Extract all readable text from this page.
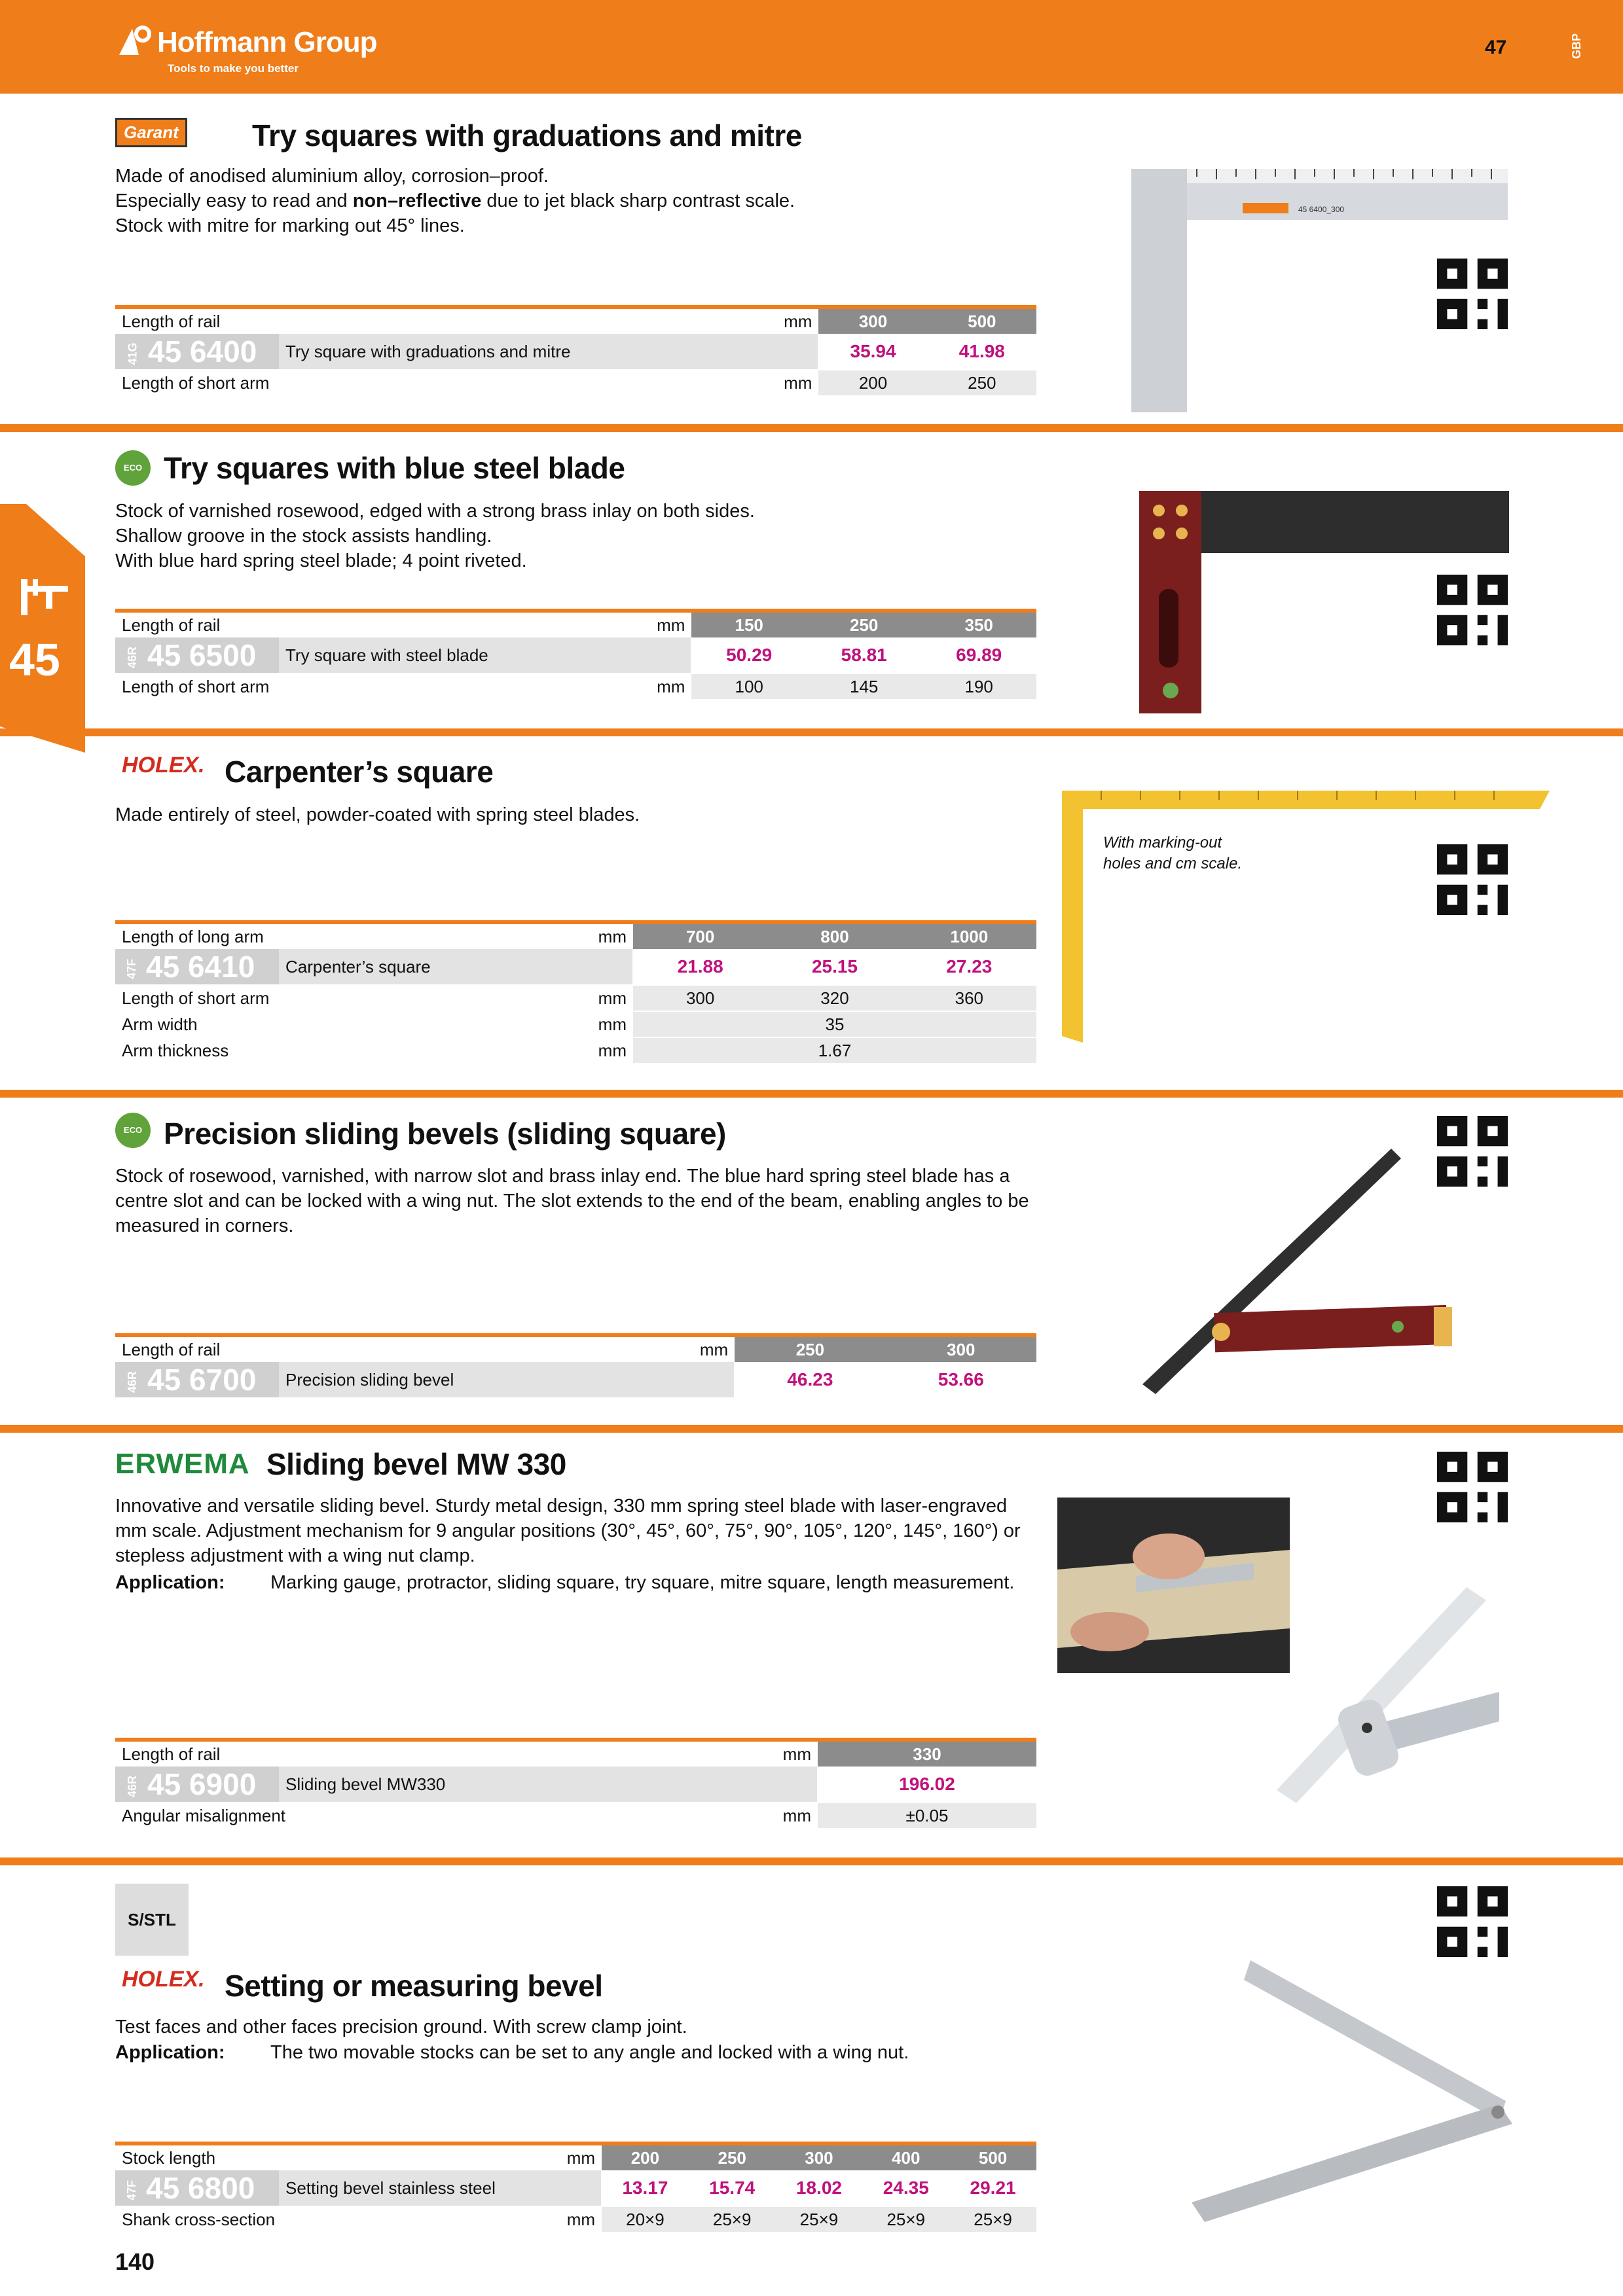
Hoffmann Group
Tools to make you better
47	GBP
45
Garant Try squares with graduations and mitre
Made of anodised aluminium alloy, corrosion–proof.
Especially easy to read and non–reflective due to jet black sharp contrast scale.
Stock with mitre for marking out 45° lines.
45 6400_300
Length of rail		mm	300	500
41G 45 6400	Try square with graduations and mitre		35.94	41.98
Length of short arm		mm	200	250
ECO Try squares with blue steel blade
Stock of varnished rosewood, edged with a strong brass inlay on both sides.
Shallow groove in the stock assists handling.
With blue hard spring steel blade; 4 point riveted.
Length of rail		mm	150	250	350
46R 45 6500	Try square with steel blade		50.29	58.81	69.89
Length of short arm		mm	100	145	190
HOLEX. Carpenter’s square
Made entirely of steel, powder-coated with spring steel blades.
With marking-out
holes and cm scale.
Length of long arm		mm	700	800	1000
47F 45 6410	Carpenter’s square		21.88	25.15	27.23
Length of short arm		mm	300	320	360
Arm width		mm	35		
Arm thickness		mm	1.67		
ECO Precision sliding bevels (sliding square)
Stock of rosewood, varnished, with narrow slot and brass inlay end. The blue hard spring steel blade has a
centre slot and can be locked with a wing nut. The slot extends to the end of the beam, enabling angles to be
measured in corners.
Length of rail		mm	250	300
46R 45 6700	Precision sliding bevel		46.23	53.66
ERWEMA Sliding bevel MW 330
Innovative and versatile sliding bevel. Sturdy metal design, 330 mm spring steel blade with laser-engraved
mm scale. Adjustment mechanism for 9 angular positions (30°, 45°, 60°, 75°, 90°, 105°, 120°, 145°, 160°) or
stepless adjustment with a wing nut clamp.
Application: Marking gauge, protractor, sliding square, try square, mitre square, length measurement.
Length of rail		mm	330
46R 45 6900	Sliding bevel MW330		196.02
Angular misalignment		mm	±0.05
S/STL
HOLEX. Setting or measuring bevel
Test faces and other faces precision ground. With screw clamp joint.
Application: The two movable stocks can be set to any angle and locked with a wing nut.
Stock length		mm	200	250	300	400	500
47F 45 6800	Setting bevel stainless steel		13.17	15.74	18.02	24.35	29.21
Shank cross-section		mm	20×9	25×9	25×9	25×9	25×9
140
